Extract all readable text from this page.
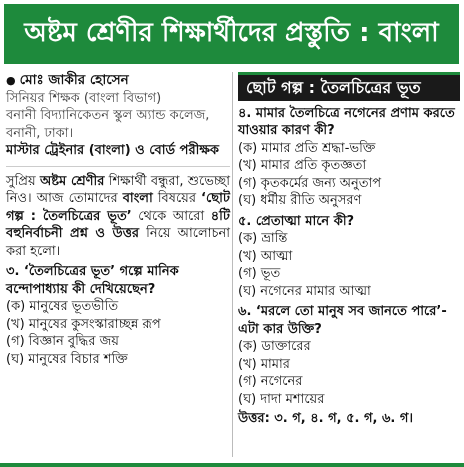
অষ্টম শ্রেণীর শিক্ষার্থীদের প্রস্তুতি : বাংলা
● মোঃ জাকীর হোসেন
সিনিয়র শিক্ষক (বাংলা বিভাগ)
বনানী বিদ্যানিকেতন স্কুল অ্যান্ড কলেজ, বনানী, ঢাকা।
মাস্টার ট্রেইনার (বাংলা) ও বোর্ড পরীক্ষক
সুপ্রিয় অষ্টম শ্রেণীর শিক্ষার্থী বন্ধুরা, শুভেচ্ছা নিও। আজ তোমাদের বাংলা বিষয়ের ‘ছোট গল্প : তৈলচিত্রের ভূত’ থেকে আরো ৪টি বহুনির্বাচনী প্রশ্ন ও উত্তর নিয়ে আলোচনা করা হলো।
৩. ‘তৈলচিত্রের ভূত’ গল্পে মানিক বন্দোপাধ্যায় কী দেখিয়েছেন?
(ক) মানুষের ভূতভীতি
(খ) মানুষের কুসংস্কারাচ্ছন্ন রূপ
(গ) বিজ্ঞান বুদ্ধির জয়
(ঘ) মানুষের বিচার শক্তি
ছোট গল্প : তৈলচিত্রের ভূত
৪. মামার তৈলচিত্রে নগেনের প্রণাম করতে যাওয়ার কারণ কী?
(ক) মামার প্রতি শ্রদ্ধা-ভক্তি
(খ) মামার প্রতি কৃতজ্ঞতা
(গ) কৃতকর্মের জন্য অনুতাপ
(ঘ) ধর্মীয় রীতি অনুসরণ
৫. প্রেতাত্মা মানে কী?
(ক) ভ্রান্তি
(খ) আত্মা
(গ) ভূত
(ঘ) নগেনের মামার আত্মা
৬. ‘মরলে তো মানুষ সব জানতে পারে’- এটা কার উক্তি?
(ক) ডাক্তারের
(খ) মামার
(গ) নগেনের
(ঘ) দাদা মশায়ের
উত্তর: ৩. গ, ৪. গ, ৫. গ, ৬. গ।
